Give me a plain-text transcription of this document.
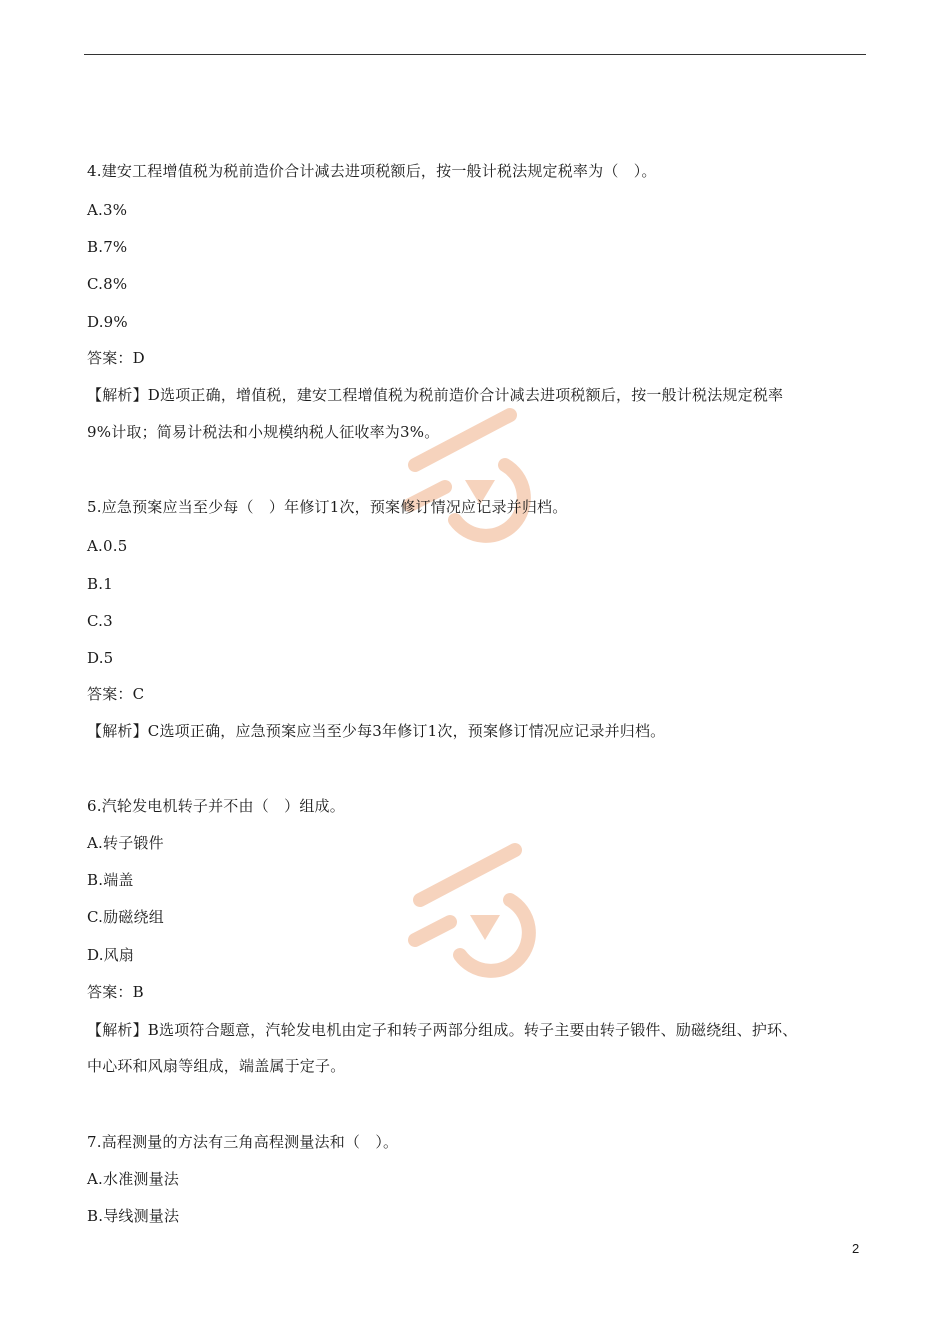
4.建安工程增值税为税前造价合计减去进项税额后，按一般计税法规定税率为（　）。
A.3%
B.7%
C.8%
D.9%
答案：D
【解析】D选项正确，增值税，建安工程增值税为税前造价合计减去进项税额后，按一般计税法规定税率
9%计取；简易计税法和小规模纳税人征收率为3%。
5.应急预案应当至少每（　）年修订1次，预案修订情况应记录并归档。
A.0.5
B.1
C.3
D.5
答案：C
【解析】C选项正确，应急预案应当至少每3年修订1次，预案修订情况应记录并归档。
6.汽轮发电机转子并不由（　）组成。
A.转子锻件
B.端盖
C.励磁绕组
D.风扇
答案：B
【解析】B选项符合题意，汽轮发电机由定子和转子两部分组成。转子主要由转子锻件、励磁绕组、护环、
中心环和风扇等组成，端盖属于定子。
7.高程测量的方法有三角高程测量法和（　）。
A.水准测量法
B.导线测量法
2
